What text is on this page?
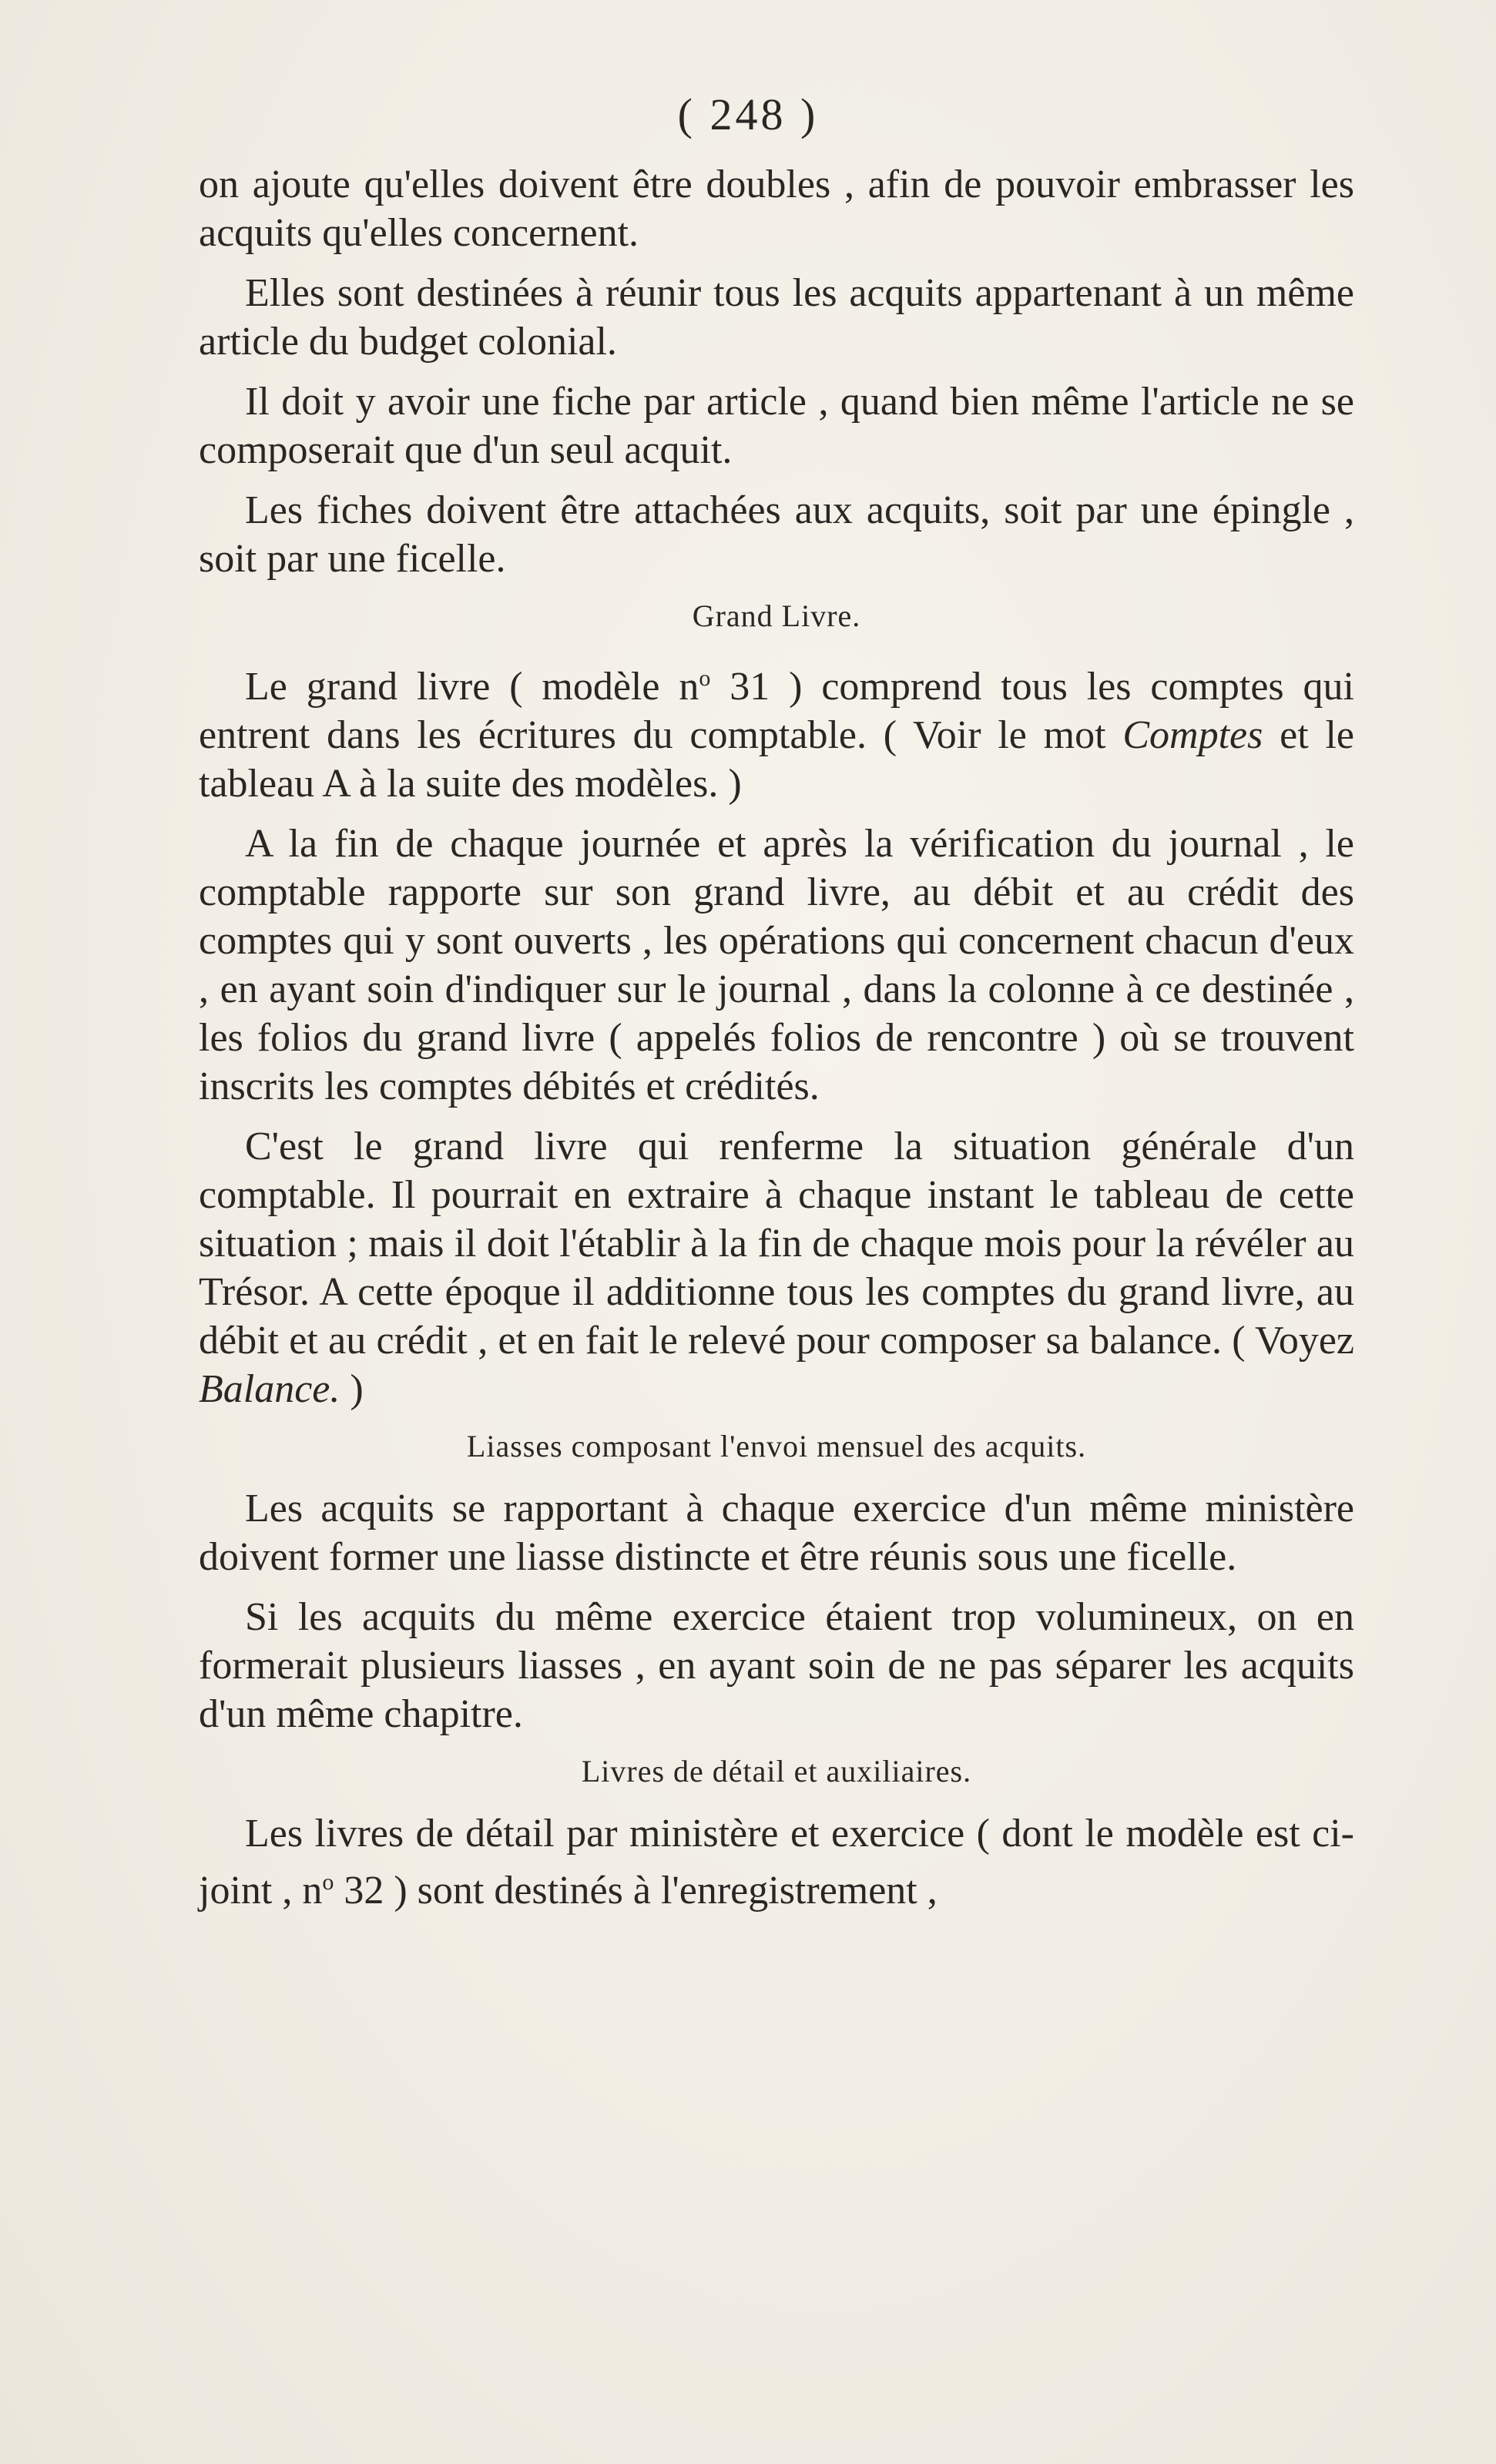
( 248 )

on ajoute qu'elles doivent être doubles , afin de pouvoir embrasser les acquits qu'elles concernent.

Elles sont destinées à réunir tous les acquits appartenant à un même article du budget colonial.

Il doit y avoir une fiche par article , quand bien même l'article ne se composerait que d'un seul acquit.

Les fiches doivent être attachées aux acquits, soit par une épingle , soit par une ficelle.

Grand Livre.

Le grand livre ( modèle $n^o$ 31 ) comprend tous les comptes qui entrent dans les écritures du comptable. ( Voir le mot Comptes et le tableau A à la suite des modèles. )

A la fin de chaque journée et après la vérification du journal , le comptable rapporte sur son grand livre, au débit et au crédit des comptes qui y sont ouverts , les opérations qui concernent chacun d'eux , en ayant soin d'indiquer sur le journal , dans la colonne à ce destinée , les folios du grand livre ( appelés folios de rencontre ) où se trouvent inscrits les comptes débités et crédités.

C'est le grand livre qui renferme la situation générale d'un comptable. Il pourrait en extraire à chaque instant le tableau de cette situation ; mais il doit l'établir à la fin de chaque mois pour la révéler au Trésor. A cette époque il additionne tous les comptes du grand livre, au débit et au crédit , et en fait le relevé pour composer sa balance. ( Voyez Balance. )

Liasses composant l'envoi mensuel des acquits.

Les acquits se rapportant à chaque exercice d'un même ministère doivent former une liasse distincte et être réunis sous une ficelle.

Si les acquits du même exercice étaient trop volumineux, on en formerait plusieurs liasses , en ayant soin de ne pas séparer les acquits d'un même chapitre.

Livres de détail et auxiliaires.

Les livres de détail par ministère et exercice ( dont le modèle est ci-joint , $n^o$ 32 ) sont destinés à l'enregistrement ,
